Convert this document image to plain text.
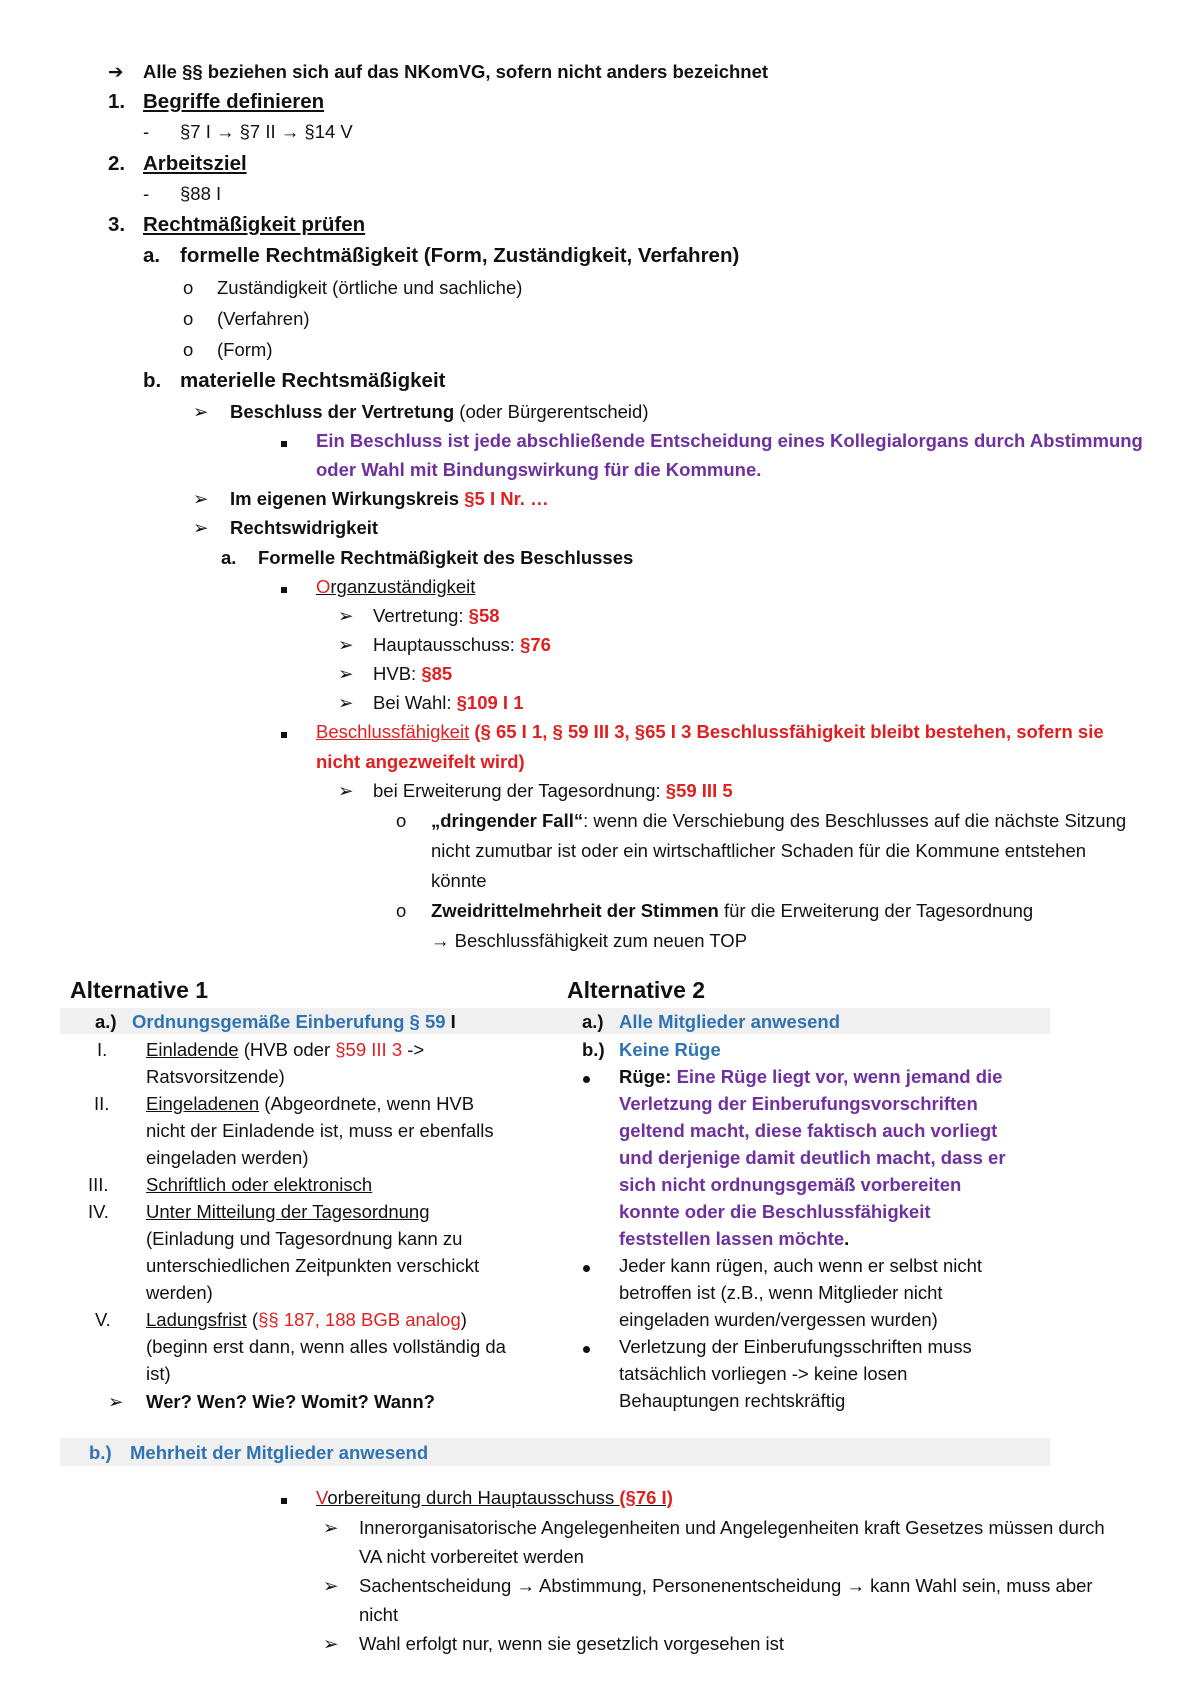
➔ Alle §§ beziehen sich auf das NKomVG, sofern nicht anders bezeichnet
1. Begriffe definieren
- §7 I → §7 II → §14 V
2. Arbeitsziel
- §88 I
3. Rechtmäßigkeit prüfen
a. formelle Rechtmäßigkeit (Form, Zuständigkeit, Verfahren)
o Zuständigkeit (örtliche und sachliche)
o (Verfahren)
o (Form)
b. materielle Rechtsmäßigkeit
➢ Beschluss der Vertretung (oder Bürgerentscheid)
Ein Beschluss ist jede abschließende Entscheidung eines Kollegialorgans durch Abstimmung
oder Wahl mit Bindungswirkung für die Kommune.
➢ Im eigenen Wirkungskreis §5 I Nr. …
➢ Rechtswidrigkeit
a. Formelle Rechtmäßigkeit des Beschlusses
Organzuständigkeit
➢ Vertretung: §58
➢ Hauptausschuss: §76
➢ HVB: §85
➢ Bei Wahl: §109 I 1
Beschlussfähigkeit (§ 65 I 1, § 59 III 3, §65 I 3 Beschlussfähigkeit bleibt bestehen, sofern sie
nicht angezweifelt wird)
➢ bei Erweiterung der Tagesordnung: §59 III 5
o „dringender Fall“: wenn die Verschiebung des Beschlusses auf die nächste Sitzung
nicht zumutbar ist oder ein wirtschaftlicher Schaden für die Kommune entstehen
könnte
o Zweidrittelmehrheit der Stimmen für die Erweiterung der Tagesordnung
→ Beschlussfähigkeit zum neuen TOP
Alternative 1	Alternative 2
a.) Ordnungsgemäße Einberufung § 59 I
I. Einladende (HVB oder §59 III 3 ->
Ratsvorsitzende)
II. Eingeladenen (Abgeordnete, wenn HVB
nicht der Einladende ist, muss er ebenfalls
eingeladen werden)
III. Schriftlich oder elektronisch
IV. Unter Mitteilung der Tagesordnung
(Einladung und Tagesordnung kann zu
unterschiedlichen Zeitpunkten verschickt
werden)
V. Ladungsfrist (§§ 187, 188 BGB analog)
(beginn erst dann, wenn alles vollständig da
ist)
➢ Wer? Wen? Wie? Womit? Wann?
a.) Alle Mitglieder anwesend
b.) Keine Rüge
Rüge: Eine Rüge liegt vor, wenn jemand die
Verletzung der Einberufungsvorschriften
geltend macht, diese faktisch auch vorliegt
und derjenige damit deutlich macht, dass er
sich nicht ordnungsgemäß vorbereiten
konnte oder die Beschlussfähigkeit
feststellen lassen möchte.
Jeder kann rügen, auch wenn er selbst nicht
betroffen ist (z.B., wenn Mitglieder nicht
eingeladen wurden/vergessen wurden)
Verletzung der Einberufungsschriften muss
tatsächlich vorliegen -> keine losen
Behauptungen rechtskräftig
b.) Mehrheit der Mitglieder anwesend
Vorbereitung durch Hauptausschuss (§76 I)
➢ Innerorganisatorische Angelegenheiten und Angelegenheiten kraft Gesetzes müssen durch
VA nicht vorbereitet werden
➢ Sachentscheidung → Abstimmung, Personenentscheidung → kann Wahl sein, muss aber
nicht
➢ Wahl erfolgt nur, wenn sie gesetzlich vorgesehen ist
